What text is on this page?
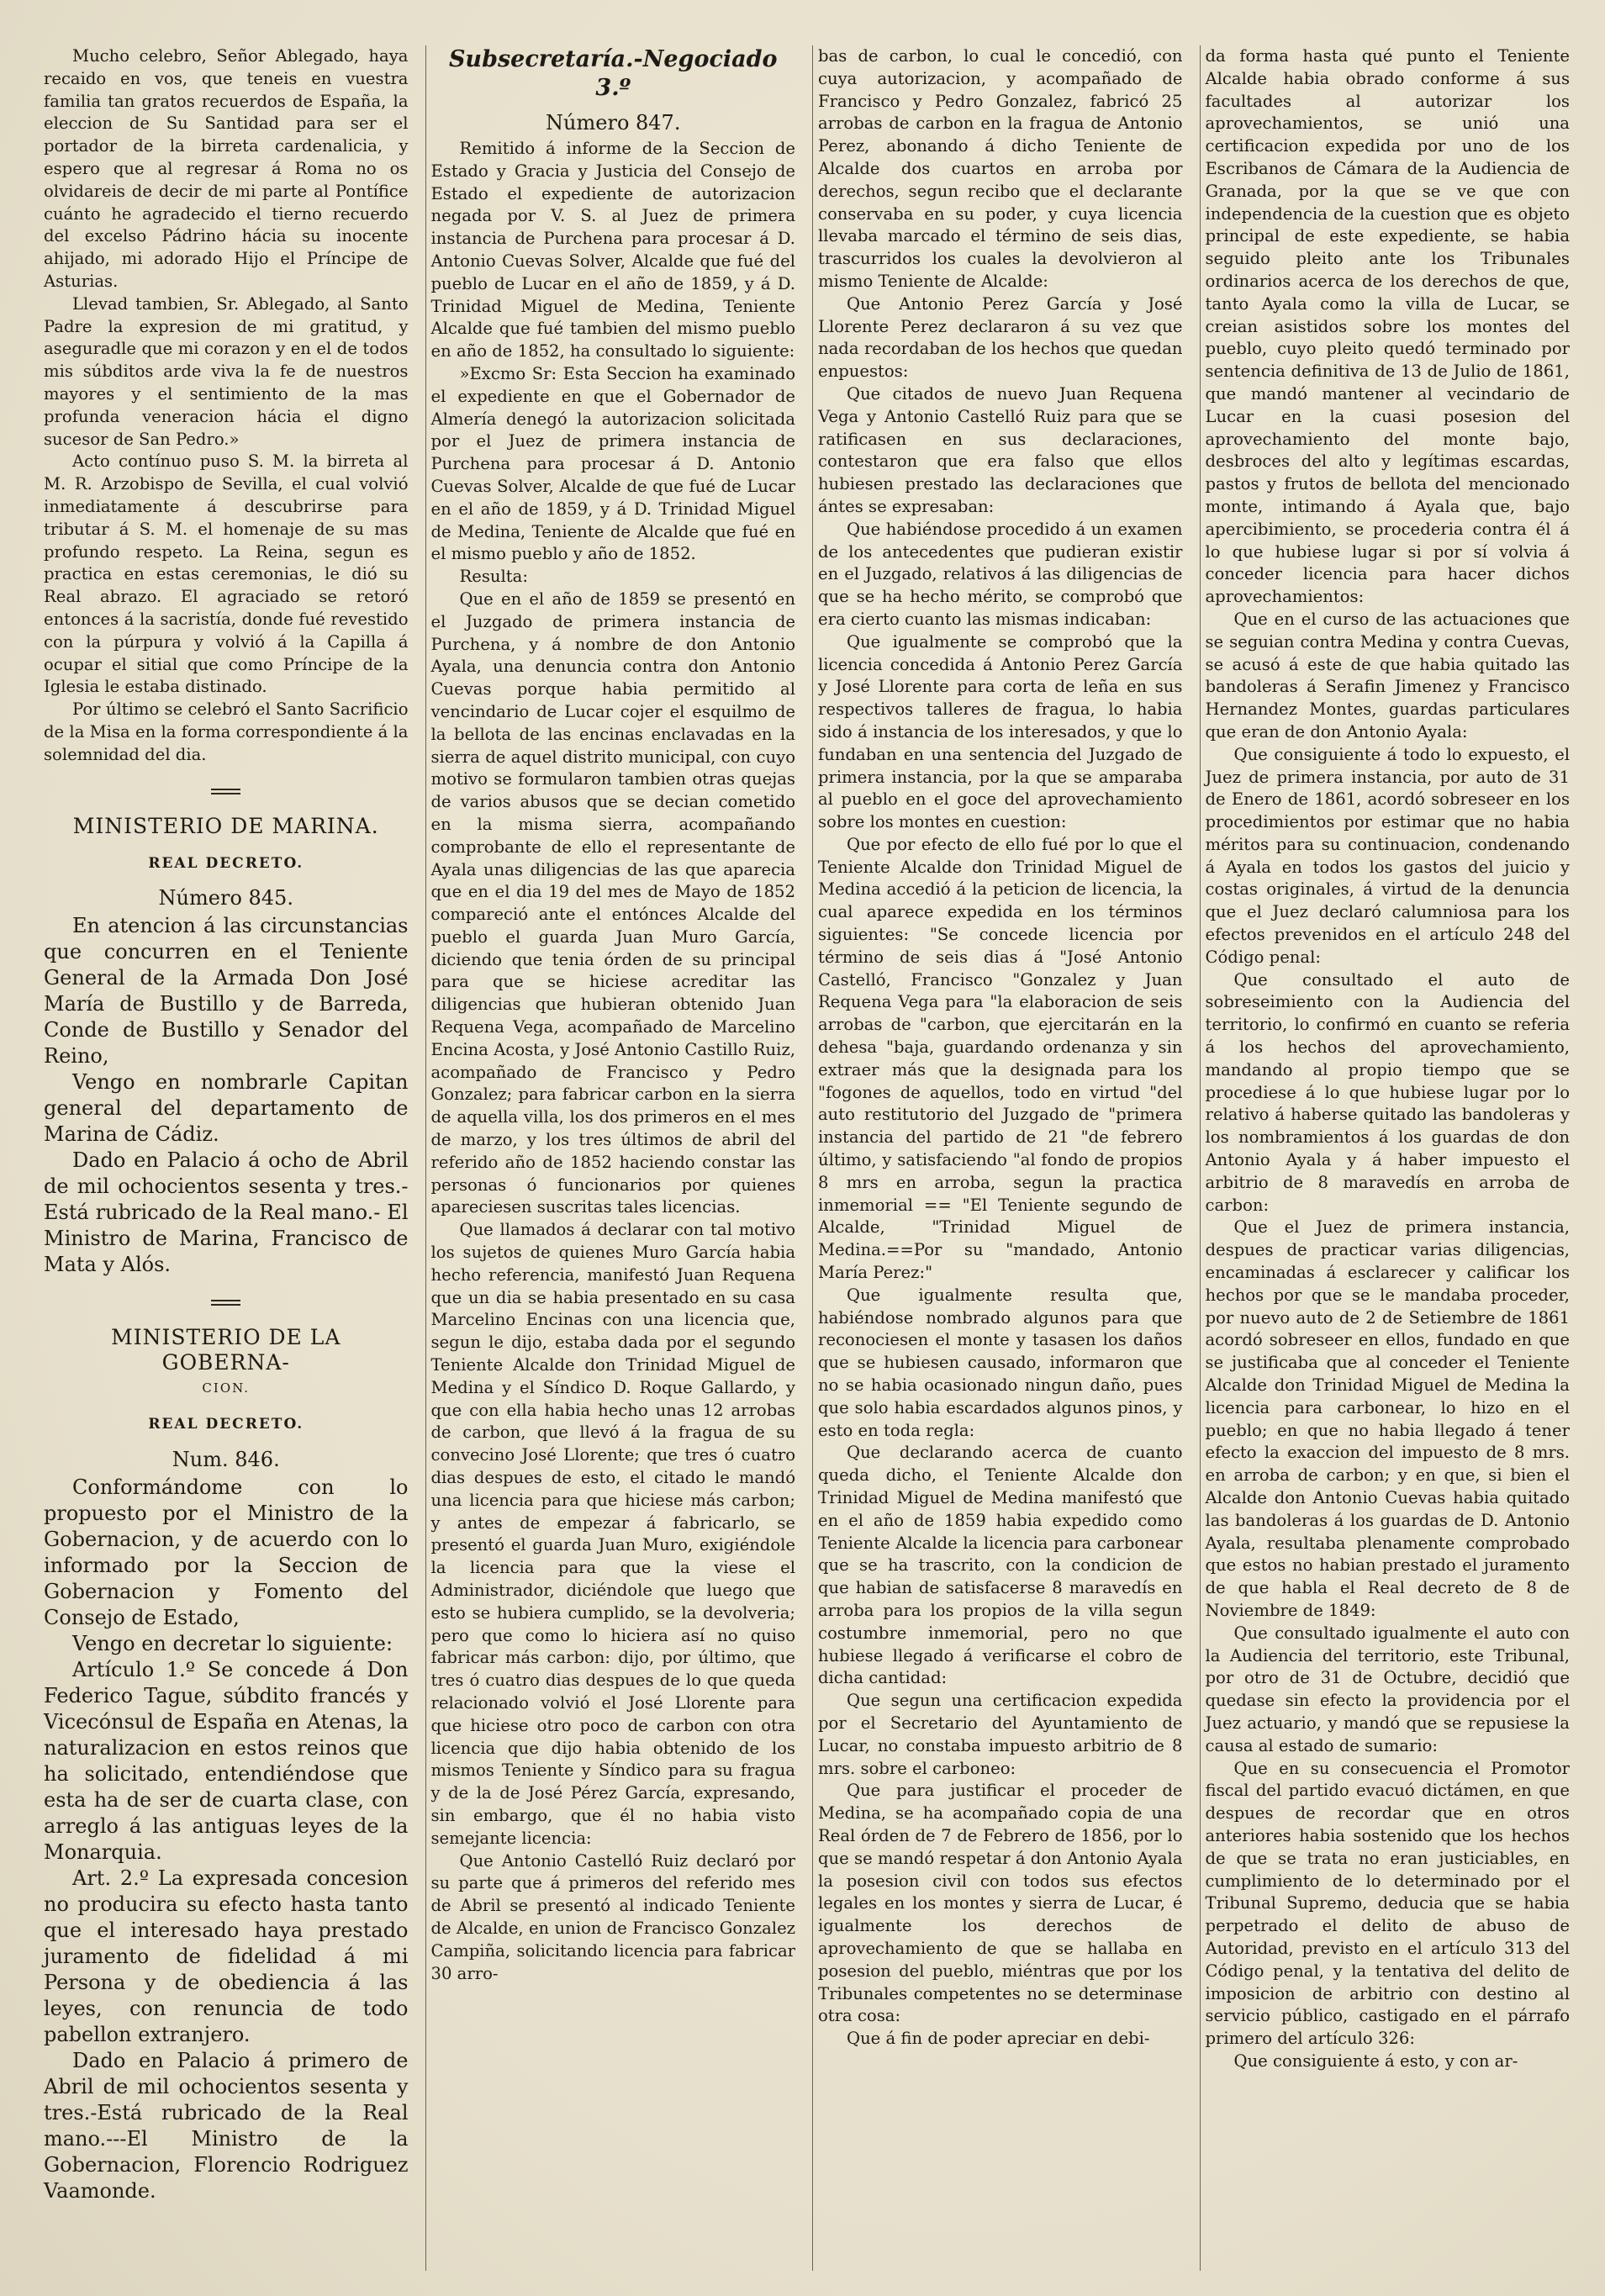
Mucho celebro, Señor Ablegado, haya recaido en vos, que teneis en vuestra familia tan gratos recuerdos de España, la eleccion de Su Santidad para ser el portador de la birreta cardenalicia, y espero que al regresar á Roma no os olvidareis de decir de mi parte al Pontífice cuánto he agradecido el tierno recuerdo del excelso Pádrino hácia su inocente ahijado, mi adorado Hijo el Príncipe de Asturias.

Llevad tambien, Sr. Ablegado, al Santo Padre la expresion de mi gratitud, y aseguradle que mi corazon y en el de todos mis súbditos arde viva la fe de nuestros mayores y el sentimiento de la mas profunda veneracion hácia el digno sucesor de San Pedro.»

Acto contínuo puso S. M. la birreta al M. R. Arzobispo de Sevilla, el cual volvió inmediatamente á descubrirse para tributar á S. M. el homenaje de su mas profundo respeto. La Reina, segun es practica en estas ceremonias, le dió su Real abrazo. El agraciado se retoró entonces á la sacristía, donde fué revestido con la púrpura y volvió á la Capilla á ocupar el sitial que como Príncipe de la Iglesia le estaba distinado.

Por último se celebró el Santo Sacrificio de la Misa en la forma correspondiente á la solemnidad del dia.

MINISTERIO DE MARINA.
REAL DECRETO.
Número 845.

En atencion á las circunstancias que concurren en el Teniente General de la Armada Don José María de Bustillo y de Barreda, Conde de Bustillo y Senador del Reino,

Vengo en nombrarle Capitan general del departamento de Marina de Cádiz.

Dado en Palacio á ocho de Abril de mil ochocientos sesenta y tres.- Está rubricado de la Real mano.- El Ministro de Marina, Francisco de Mata y Alós.

MINISTERIO DE LA GOBERNA-
CION.
REAL DECRETO.
Num. 846.

Conformándome con lo propuesto por el Ministro de la Gobernacion, y de acuerdo con lo informado por la Seccion de Gobernacion y Fomento del Consejo de Estado,

Vengo en decretar lo siguiente:

Artículo 1.º Se concede á Don Federico Tague, súbdito francés y Vicecónsul de España en Atenas, la naturalizacion en estos reinos que ha solicitado, entendiéndose que esta ha de ser de cuarta clase, con arreglo á las antiguas leyes de la Monarquia.

Art. 2.º La expresada concesion no producira su efecto hasta tanto que el interesado haya prestado juramento de fidelidad á mi Persona y de obediencia á las leyes, con renuncia de todo pabellon extranjero.

Dado en Palacio á primero de Abril de mil ochocientos sesenta y tres.-Está rubricado de la Real mano.---El Ministro de la Gobernacion, Florencio Rodriguez Vaamonde.

Subsecretaría.-Negociado 3.º
Número 847.

Remitido á informe de la Seccion de Estado y Gracia y Justicia del Consejo de Estado el expediente de autorizacion negada por V. S. al Juez de primera instancia de Purchena para procesar á D. Antonio Cuevas Solver, Alcalde que fué del pueblo de Lucar en el año de 1859, y á D. Trinidad Miguel de Medina, Teniente Alcalde que fué tambien del mismo pueblo en año de 1852, ha consultado lo siguiente:

»Excmo Sr: Esta Seccion ha examinado el expediente en que el Gobernador de Almería denegó la autorizacion solicitada por el Juez de primera instancia de Purchena para procesar á D. Antonio Cuevas Solver, Alcalde de que fué de Lucar en el año de 1859, y á D. Trinidad Miguel de Medina, Teniente de Alcalde que fué en el mismo pueblo y año de 1852.

Resulta:

Que en el año de 1859 se presentó en el Juzgado de primera instancia de Purchena, y á nombre de don Antonio Ayala, una denuncia contra don Antonio Cuevas porque habia permitido al vencindario de Lucar cojer el esquilmo de la bellota de las encinas enclavadas en la sierra de aquel distrito municipal, con cuyo motivo se formularon tambien otras quejas de varios abusos que se decian cometido en la misma sierra, acompañando comprobante de ello el representante de Ayala unas diligencias de las que aparecia que en el dia 19 del mes de Mayo de 1852 compareció ante el entónces Alcalde del pueblo el guarda Juan Muro García, diciendo que tenia órden de su principal para que se hiciese acreditar las diligencias que hubieran obtenido Juan Requena Vega, acompañado de Marcelino Encina Acosta, y José Antonio Castillo Ruiz, acompañado de Francisco y Pedro Gonzalez; para fabricar carbon en la sierra de aquella villa, los dos primeros en el mes de marzo, y los tres últimos de abril del referido año de 1852 haciendo constar las personas ó funcionarios por quienes apareciesen suscritas tales licencias.

Que llamados á declarar con tal motivo los sujetos de quienes Muro García habia hecho referencia, manifestó Juan Requena que un dia se habia presentado en su casa Marcelino Encinas con una licencia que, segun le dijo, estaba dada por el segundo Teniente Alcalde don Trinidad Miguel de Medina y el Síndico D. Roque Gallardo, y que con ella habia hecho unas 12 arrobas de carbon, que llevó á la fragua de su convecino José Llorente; que tres ó cuatro dias despues de esto, el citado le mandó una licencia para que hiciese más carbon; y antes de empezar á fabricarlo, se presentó el guarda Juan Muro, exigiéndole la licencia para que la viese el Administrador, diciéndole que luego que esto se hubiera cumplido, se la devolveria; pero que como lo hiciera así no quiso fabricar más carbon: dijo, por último, que tres ó cuatro dias despues de lo que queda relacionado volvió el José Llorente para que hiciese otro poco de carbon con otra licencia que dijo habia obtenido de los mismos Teniente y Síndico para su fragua y de la de José Pérez García, expresando, sin embargo, que él no habia visto semejante licencia:

Que Antonio Castelló Ruiz declaró por su parte que á primeros del referido mes de Abril se presentó al indicado Teniente de Alcalde, en union de Francisco Gonzalez Campiña, solicitando licencia para fabricar 30 arro-

bas de carbon, lo cual le concedió, con cuya autorizacion, y acompañado de Francisco y Pedro Gonzalez, fabricó 25 arrobas de carbon en la fragua de Antonio Perez, abonando á dicho Teniente de Alcalde dos cuartos en arroba por derechos, segun recibo que el declarante conservaba en su poder, y cuya licencia llevaba marcado el término de seis dias, trascurridos los cuales la devolvieron al mismo Teniente de Alcalde:

Que Antonio Perez García y José Llorente Perez declararon á su vez que nada recordaban de los hechos que quedan enpuestos:

Que citados de nuevo Juan Requena Vega y Antonio Castelló Ruiz para que se ratificasen en sus declaraciones, contestaron que era falso que ellos hubiesen prestado las declaraciones que ántes se expresaban:

Que habiéndose procedido á un examen de los antecedentes que pudieran existir en el Juzgado, relativos á las diligencias de que se ha hecho mérito, se comprobó que era cierto cuanto las mismas indicaban:

Que igualmente se comprobó que la licencia concedida á Antonio Perez García y José Llorente para corta de leña en sus respectivos talleres de fragua, lo habia sido á instancia de los interesados, y que lo fundaban en una sentencia del Juzgado de primera instancia, por la que se amparaba al pueblo en el goce del aprovechamiento sobre los montes en cuestion:

Que por efecto de ello fué por lo que el Teniente Alcalde don Trinidad Miguel de Medina accedió á la peticion de licencia, la cual aparece expedida en los términos siguientes: "Se concede licencia por término de seis dias á "José Antonio Castelló, Francisco "Gonzalez y Juan Requena Vega para "la elaboracion de seis arrobas de "carbon, que ejercitarán en la dehesa "baja, guardando ordenanza y sin extraer más que la designada para los "fogones de aquellos, todo en virtud "del auto restitutorio del Juzgado de "primera instancia del partido de 21 "de febrero último, y satisfaciendo "al fondo de propios 8 mrs en arroba, segun la practica inmemorial == "El Teniente segundo de Alcalde, "Trinidad Miguel de Medina.==Por su "mandado, Antonio María Perez:"

Que igualmente resulta que, habiéndose nombrado algunos para que reconociesen el monte y tasasen los daños que se hubiesen causado, informaron que no se habia ocasionado ningun daño, pues que solo habia escardados algunos pinos, y esto en toda regla:

Que declarando acerca de cuanto queda dicho, el Teniente Alcalde don Trinidad Miguel de Medina manifestó que en el año de 1859 habia expedido como Teniente Alcalde la licencia para carbonear que se ha trascrito, con la condicion de que habian de satisfacerse 8 maravedís en arroba para los propios de la villa segun costumbre inmemorial, pero no que hubiese llegado á verificarse el cobro de dicha cantidad:

Que segun una certificacion expedida por el Secretario del Ayuntamiento de Lucar, no constaba impuesto arbitrio de 8 mrs. sobre el carboneo:

Que para justificar el proceder de Medina, se ha acompañado copia de una Real órden de 7 de Febrero de 1856, por lo que se mandó respetar á don Antonio Ayala la posesion civil con todos sus efectos legales en los montes y sierra de Lucar, é igualmente los derechos de aprovechamiento de que se hallaba en posesion del pueblo, miéntras que por los Tribunales competentes no se determinase otra cosa:

Que á fin de poder apreciar en debi-

da forma hasta qué punto el Teniente Alcalde habia obrado conforme á sus facultades al autorizar los aprovechamientos, se unió una certificacion expedida por uno de los Escribanos de Cámara de la Audiencia de Granada, por la que se ve que con independencia de la cuestion que es objeto principal de este expediente, se habia seguido pleito ante los Tribunales ordinarios acerca de los derechos de que, tanto Ayala como la villa de Lucar, se creian asistidos sobre los montes del pueblo, cuyo pleito quedó terminado por sentencia definitiva de 13 de Julio de 1861, que mandó mantener al vecindario de Lucar en la cuasi posesion del aprovechamiento del monte bajo, desbroces del alto y legítimas escardas, pastos y frutos de bellota del mencionado monte, intimando á Ayala que, bajo apercibimiento, se procederia contra él á lo que hubiese lugar si por sí volvia á conceder licencia para hacer dichos aprovechamientos:

Que en el curso de las actuaciones que se seguian contra Medina y contra Cuevas, se acusó á este de que habia quitado las bandoleras á Serafin Jimenez y Francisco Hernandez Montes, guardas particulares que eran de don Antonio Ayala:

Que consiguiente á todo lo expuesto, el Juez de primera instancia, por auto de 31 de Enero de 1861, acordó sobreseer en los procedimientos por estimar que no habia méritos para su continuacion, condenando á Ayala en todos los gastos del juicio y costas originales, á virtud de la denuncia que el Juez declaró calumniosa para los efectos prevenidos en el artículo 248 del Código penal:

Que consultado el auto de sobreseimiento con la Audiencia del territorio, lo confirmó en cuanto se referia á los hechos del aprovechamiento, mandando al propio tiempo que se procediese á lo que hubiese lugar por lo relativo á haberse quitado las bandoleras y los nombramientos á los guardas de don Antonio Ayala y á haber impuesto el arbitrio de 8 maravedís en arroba de carbon:

Que el Juez de primera instancia, despues de practicar varias diligencias, encaminadas á esclarecer y calificar los hechos por que se le mandaba proceder, por nuevo auto de 2 de Setiembre de 1861 acordó sobreseer en ellos, fundado en que se justificaba que al conceder el Teniente Alcalde don Trinidad Miguel de Medina la licencia para carbonear, lo hizo en el pueblo; en que no habia llegado á tener efecto la exaccion del impuesto de 8 mrs. en arroba de carbon; y en que, si bien el Alcalde don Antonio Cuevas habia quitado las bandoleras á los guardas de D. Antonio Ayala, resultaba plenamente comprobado que estos no habian prestado el juramento de que habla el Real decreto de 8 de Noviembre de 1849:

Que consultado igualmente el auto con la Audiencia del territorio, este Tribunal, por otro de 31 de Octubre, decidió que quedase sin efecto la providencia por el Juez actuario, y mandó que se repusiese la causa al estado de sumario:

Que en su consecuencia el Promotor fiscal del partido evacuó dictámen, en que despues de recordar que en otros anteriores habia sostenido que los hechos de que se trata no eran justiciables, en cumplimiento de lo determinado por el Tribunal Supremo, deducia que se habia perpetrado el delito de abuso de Autoridad, previsto en el artículo 313 del Código penal, y la tentativa del delito de imposicion de arbitrio con destino al servicio público, castigado en el párrafo primero del artículo 326:

Que consiguiente á esto, y con ar-
